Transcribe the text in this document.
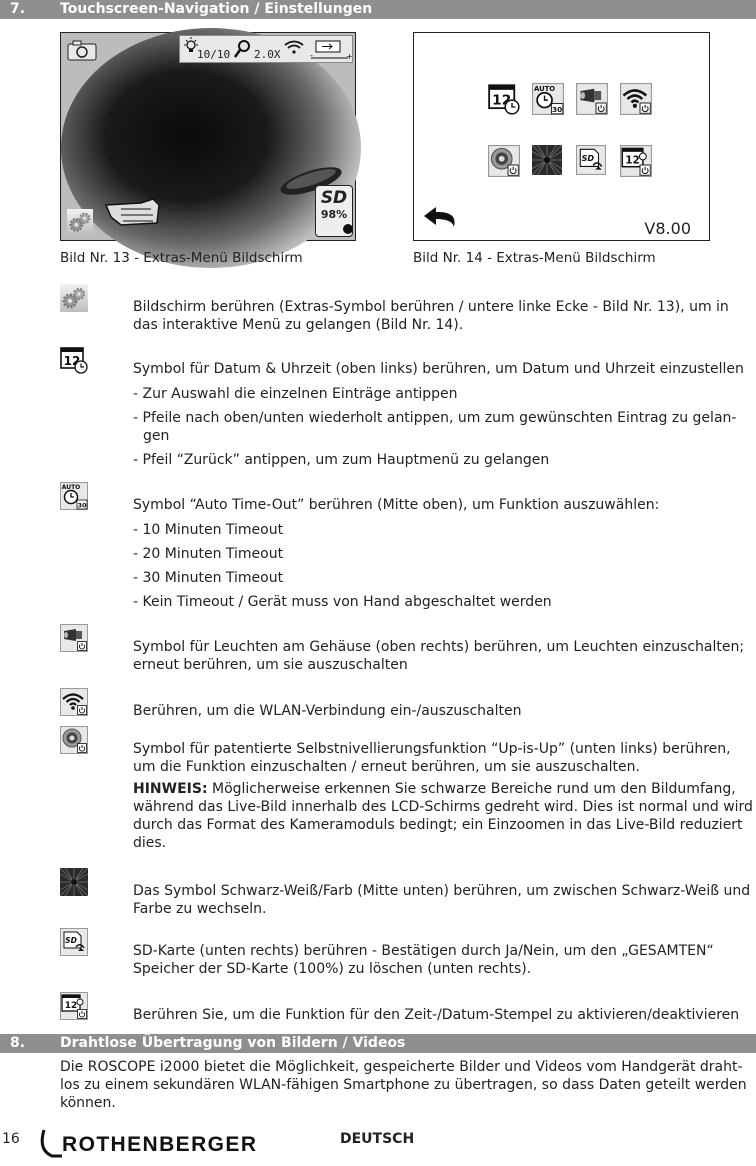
7. Touchscreen-Navigation / Einstellungen
10/10 2.0X	-	+
SD
98%
Bild Nr. 13 - Extras-Menü Bildschirm
V8.00
Bild Nr. 14 - Extras-Menü Bildschirm

Bildschirm berühren (Extras-Symbol berühren / untere linke Ecke - Bild Nr. 13), um in das interaktive Menü zu gelangen (Bild Nr. 14).

Symbol für Datum & Uhrzeit (oben links) berühren, um Datum und Uhrzeit einzustellen

- Zur Auswahl die einzelnen Einträge antippen
- Pfeile nach oben/unten wiederholt antippen, um zum gewünschten Eintrag zu gelan-gen
- Pfeil “Zurück” antippen, um zum Hauptmenü zu gelangen

Symbol “Auto Time-Out” berühren (Mitte oben), um Funktion auszuwählen:

- 10 Minuten Timeout
- 20 Minuten Timeout
- 30 Minuten Timeout
- Kein Timeout / Gerät muss von Hand abgeschaltet werden

Symbol für Leuchten am Gehäuse (oben rechts) berühren, um Leuchten einzuschalten; erneut berühren, um sie auszuschalten

Berühren, um die WLAN-Verbindung ein-/auszuschalten

Symbol für patentierte Selbstnivellierungsfunktion “Up-is-Up” (unten links) berühren, um die Funktion einzuschalten / erneut berühren, um sie auszuschalten.

HINWEIS: Möglicherweise erkennen Sie schwarze Bereiche rund um den Bildumfang, während das Live-Bild innerhalb des LCD-Schirms gedreht wird. Dies ist normal und wird durch das Format des Kameramoduls bedingt; ein Einzoomen in das Live-Bild reduziert dies.

Das Symbol Schwarz-Weiß/Farb (Mitte unten) berühren, um zwischen Schwarz-Weiß und Farbe zu wechseln.

SD-Karte (unten rechts) berühren - Bestätigen durch Ja/Nein, um den „GESAMTEN“ Speicher der SD-Karte (100%) zu löschen (unten rechts).

Berühren Sie, um die Funktion für den Zeit-/Datum-Stempel zu aktivieren/deaktivieren

8. Drahtlose Übertragung von Bildern / Videos
Die ROSCOPE i2000 bietet die Möglichkeit, gespeicherte Bilder und Videos vom Handgerät draht-los zu einem sekundären WLAN-fähigen Smartphone zu übertragen, so dass Daten geteilt werden können.
16 ROTHENBERGER	DEUTSCH
